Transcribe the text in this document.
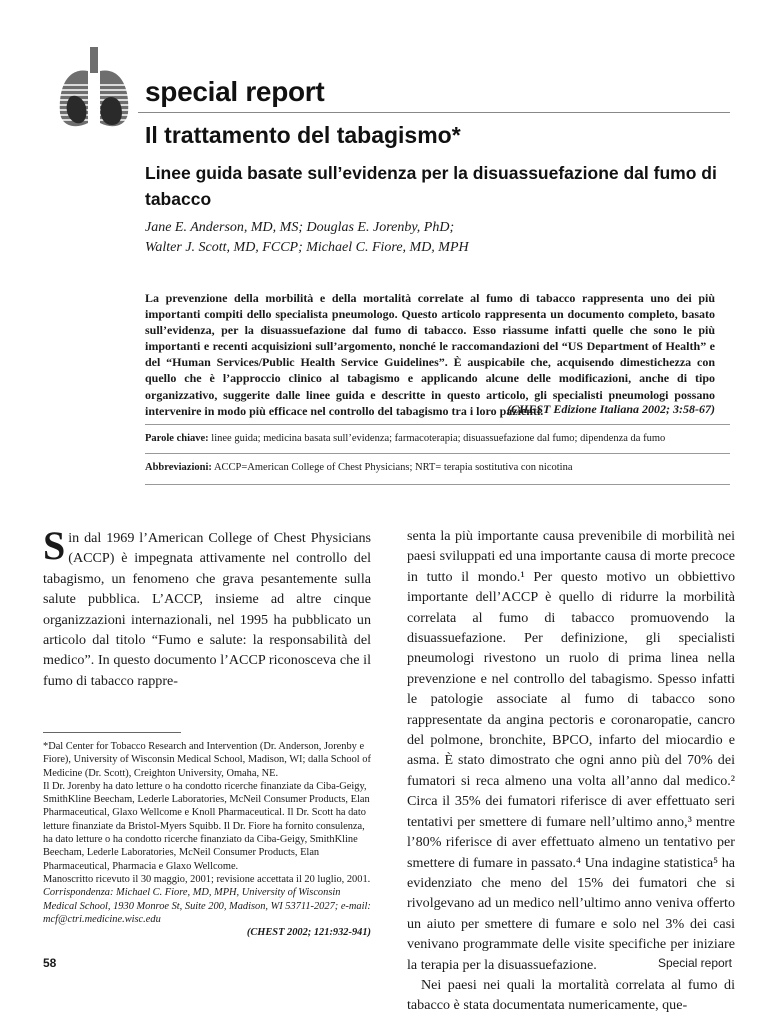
special report
Il trattamento del tabagismo*
Linee guida basate sull’evidenza per la disuassuefazione dal fumo di tabacco
Jane E. Anderson, MD, MS; Douglas E. Jorenby, PhD;
Walter J. Scott, MD, FCCP; Michael C. Fiore, MD, MPH

La prevenzione della morbilità e della mortalità correlate al fumo di tabacco rappresenta uno dei più importanti compiti dello specialista pneumologo. Questo articolo rappresenta un documento completo, basato sull’evidenza, per la disuassuefazione dal fumo di tabacco. Esso riassume infatti quelle che sono le più importanti e recenti acquisizioni sull’argomento, nonché le raccomandazioni del “US Department of Health” e del “Human Services/Public Health Service Guidelines”. È auspicabile che, acquisendo dimestichezza con quello che è l’approccio clinico al tabagismo e applicando alcune delle modificazioni, anche di tipo organizzativo, suggerite dalle linee guida e descritte in questo articolo, gli specialisti pneumologi possano intervenire in modo più efficace nel controllo del tabagismo tra i loro pazienti.

(CHEST Edizione Italiana 2002; 3:58-67)
Parole chiave: linee guida; medicina basata sull’evidenza; farmacoterapia; disuassuefazione dal fumo; dipendenza da fumo
Abbreviazioni: ACCP=American College of Chest Physicians; NRT= terapia sostitutiva con nicotina
Sin dal 1969 l’American College of Chest Physicians (ACCP) è impegnata attivamente nel controllo del tabagismo, un fenomeno che grava pesantemente sulla salute pubblica. L’ACCP, insieme ad altre cinque organizzazioni internazionali, nel 1995 ha pubblicato un articolo dal titolo “Fumo e salute: la responsabilità del medico”. In questo documento l’ACCP riconosceva che il fumo di tabacco rappre-
*Dal Center for Tobacco Research and Intervention (Dr. Anderson, Jorenby e Fiore), University of Wisconsin Medical School, Madison, WI; dalla School of Medicine (Dr. Scott), Creighton University, Omaha, NE.
Il Dr. Jorenby ha dato letture o ha condotto ricerche finanziate da Ciba-Geigy, SmithKline Beecham, Lederle Laboratories, McNeil Consumer Products, Elan Pharmaceutical, Glaxo Wellcome e Knoll Pharmaceutical. Il Dr. Scott ha dato letture finanziate da Bristol-Myers Squibb. Il Dr. Fiore ha fornito consulenza, ha dato letture o ha condotto ricerche finanziato da Ciba-Geigy, SmithKline Beecham, Lederle Laboratories, McNeil Consumer Products, Elan Pharmaceutical, Pharmacia e Glaxo Wellcome.
Manoscritto ricevuto il 30 maggio, 2001; revisione accettata il 20 luglio, 2001.
Corrispondenza: Michael C. Fiore, MD, MPH, University of Wisconsin Medical School, 1930 Monroe St, Suite 200, Madison, WI 53711-2027; e-mail: mcf@ctri.medicine.wisc.edu
(CHEST 2002; 121:932-941)

senta la più importante causa prevenibile di morbilità nei paesi sviluppati ed una importante causa di morte precoce in tutto il mondo.¹ Per questo motivo un obbiettivo importante dell’ACCP è quello di ridurre la morbilità correlata al fumo di tabacco promuovendo la disuassuefazione. Per definizione, gli specialisti pneumologi rivestono un ruolo di prima linea nella prevenzione e nel controllo del tabagismo. Spesso infatti le patologie associate al fumo di tabacco sono rappresentate da angina pectoris e coronaropatie, cancro del polmone, bronchite, BPCO, infarto del miocardio e asma. È stato dimostrato che ogni anno più del 70% dei fumatori si reca almeno una volta all’anno dal medico.² Circa il 35% dei fumatori riferisce di aver effettuato seri tentativi per smettere di fumare nell’ultimo anno,³ mentre l’80% riferisce di aver effettuato almeno un tentativo per smettere di fumare in passato.⁴ Una indagine statistica⁵ ha evidenziato che meno del 15% dei fumatori che si rivolgevano ad un medico nell’ultimo anno veniva offerto un aiuto per smettere di fumare e solo nel 3% dei casi venivano programmate delle visite specifiche per iniziare la terapia per la disuassuefazione.

Nei paesi nei quali la mortalità correlata al fumo di tabacco è stata documentata numericamente, que-

58	Special report
